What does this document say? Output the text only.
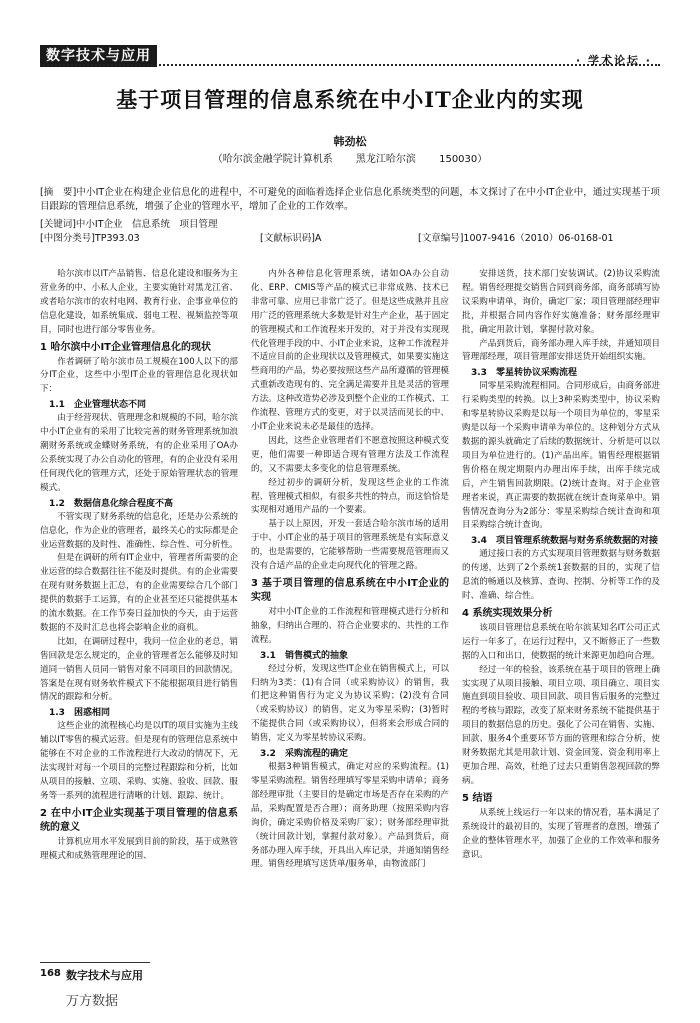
数字技术与应用	· 学术论坛 ·
基于项目管理的信息系统在中小IT企业内的实现
韩劲松
（哈尔滨金融学院计算机系 黑龙江哈尔滨 150030）
[摘　要]中小IT企业在构建企业信息化的进程中，不可避免的面临着选择企业信息化系统类型的问题，本文探讨了在中小IT企业中，通过实现基于项目跟踪的管理信息系统，增强了企业的管理水平，增加了企业的工作效率。
[关键词]中小IT企业　信息系统　项目管理
[中图分类号]TP393.03	[文献标识码]A	[文章编号]1007-9416（2010）06-0168-01

哈尔滨市以IT产品销售、信息化建设和服务为主营业务的中、小私人企业，主要实施针对黑龙江省、或者哈尔滨市的农村电网、教育行业、企事业单位的信息化建设，如系统集成、弱电工程、视频监控等项目，同时也进行部分零售业务。

1 哈尔滨中小IT企业管理信息化的现状

作者调研了哈尔滨市员工规模在100人以下的部分IT企业，这些中小型IT企业的管理信息化现状如下：

1.1　企业管理状态不同

由于经营现状、管理理念和规模的不同，哈尔滨中小IT企业有的采用了比较完善的财务管理系统加浪潮财务系统或金蝶财务系统，有的企业采用了OA办公系统实现了办公自动化的管理，有的企业没有采用任何现代化的管理方式，还处于原始管理状态的管理模式。

1.2　数据信息化综合程度不高

不管实现了财务系统的信息化，还是办公系统的信息化，作为企业的管理者，最终关心的实际都是企业运营数据的及时性、准确性、综合性、可分析性。

但是在调研的所有IT企业中，管理者所需要的企业运营的综合数据往往不能及时提供。有的企业需要在现有财务数据上汇总，有的企业需要综合几个部门提供的数据手工运算，有的企业甚至还只能提供基本的流水数据。在工作节奏日益加快的今天，由于运营数据的不及时汇总也将会影响企业的商机。

比如，在调研过程中，我问一位企业的老总，销售回款是怎么规定的，企业的管理者怎么能够及时知道同一销售人员同一销售对象不同项目的回款情况。答案是在现有财务软件模式下不能根据项目进行销售情况的跟踪和分析。

1.3　困惑相同

这些企业的流程核心均是以IT的项目实施为主线辅以IT零售的模式运营。但是现有的管理信息系统中能够在不对企业的工作流程进行大改动的情况下，无法实现针对每一个项目的完整过程跟踪和分析，比如从项目的接触、立项、采购、实施、验收、回款、服务等一系列的流程进行清晰的计划、跟踪、统计。

2 在中小IT企业实现基于项目管理的信息系统的意义

计算机应用水平发展到目前的阶段，基于成熟管理模式和成熟管理理论的国、

内外各种信息化管理系统，诸如OA办公自动化、ERP、CMIS等产品的模式已非常成熟、技术已非常可靠、应用已非常广泛了。但是这些成熟并且应用广泛的管理系统大多数是针对生产企业，基于固定的管理模式和工作流程来开发的，对于并没有实现现代化管理手段的中、小IT企业来说，这种工作流程并不适应目前的企业现状以及管理模式，如果要实施这些商用的产品，势必要按照这些产品所遵循的管理模式重新改造现有的、完全满足需要并且是灵活的管理方法。这种改造势必涉及到整个企业的工作模式、工作流程、管理方式的变更，对于以灵活而见长的中、小IT企业来说未必是最佳的选择。

因此，这些企业管理者们不愿意按照这种模式变更，他们需要一种即适合现有管理方法及工作流程的，又不需要太多变化的信息管理系统。

经过初步的调研分析，发现这些企业的工作流程、管理模式相似，有很多共性的特点，而这恰恰是实现相对通用产品的一个要素。

基于以上原因，开发一套适合哈尔滨市场的适用于中、小IT企业的基于项目的管理系统是有实际意义的，也是需要的，它能够帮助一些需要规范管理而又没有合适产品的企业走向现代化的管理之路。

3 基于项目管理的信息系统在中小IT企业的实现

对中小IT企业的工作流程和管理模式进行分析和抽象，归纳出合理的、符合企业要求的、共性的工作流程。

3.1　销售模式的抽象

经过分析，发现这些IT企业在销售模式上，可以归纳为3类：(1)有合同（或采购协议）的销售，我们把这种销售行为定义为协议采购；(2)没有合同（或采购协议）的销售，定义为零星采购；(3)暂时不能提供合同（或采购协议），但将来会形成合同的销售，定义为零星转协议采购。

3.2　采购流程的确定

根据3种销售模式，确定对应的采购流程。(1)零星采购流程。销售经理填写零星采购申请单；商务部经理审批（主要目的是确定市场是否存在采购的产品，采购配置是否合理）；商务助理（按照采购内容询价，确定采购价格及采购厂家）；财务部经理审批（统计回款计划，掌握付款对象）。产品到货后，商务部办理入库手续，开具出入库记录，并通知销售经理。销售经理填写送货单/服务单，由物流部门

安排送货，技术部门安装调试。(2)协议采购流程。销售经理提交销售合同到商务部，商务部填写协议采购申请单，询价，确定厂家；项目管理部经理审批，并根据合同内容作好实施准备；财务部经理审批，确定用款计划，掌握付款对象。

产品到货后，商务部办理入库手续，并通知项目管理部经理，项目管理部安排送货开始组织实施。

3.3　零星转协议采购流程

同零星采购流程相同。合同形成后，由商务部进行采购类型的转换。以上3种采购类型中，协议采购和零星转协议采购是以每一个项目为单位的，零星采购是以每一个采购申请单为单位的。这种划分方式从数据的源头就确定了后续的数据统计、分析是可以以项目为单位进行的。(1)产品出库。销售经理根据销售价格在规定期限内办理出库手续，出库手续完成后，产生销售回款期限。(2)统计查询。对于企业管理者来说，真正需要的数据就在统计查询菜单中。销售情况查询分为2部分：零星采购综合统计查询和项目采购综合统计查询。

3.4　项目管理系统数据与财务系统数据的对接

通过接口表的方式实现项目管理数据与财务数据的传递，达到了2个系统1套数据的目的，实现了信息流的畅通以及核算、查询、控制、分析等工作的及时、准确、综合性。

4 系统实现效果分析

该项目管理信息系统在哈尔滨某知名IT公司正式运行一年多了，在运行过程中，又不断修正了一些数据的入口和出口，使数据的统计来源更加趋向合理。

经过一年的检验，该系统在基于项目的管理上确实实现了从项目接触、项目立项、项目确立、项目实施直到项目验收、项目回款、项目售后服务的完整过程的考核与跟踪，改变了原来财务系统不能提供基于项目的数据信息的历史。强化了公司在销售、实施、回款、服务4个重要环节方面的管理和综合分析，使财务数据尤其是用款计划、资金回笼、资金利用率上更加合理、高效，杜绝了过去只重销售忽视回款的弊病。

5 结语

从系统上线运行一年以来的情况看，基本满足了系统设计的最初目的，实现了管理者的意图，增强了企业的整体管理水平，加强了企业的工作效率和服务意识。

168 数字技术与应用
万方数据
